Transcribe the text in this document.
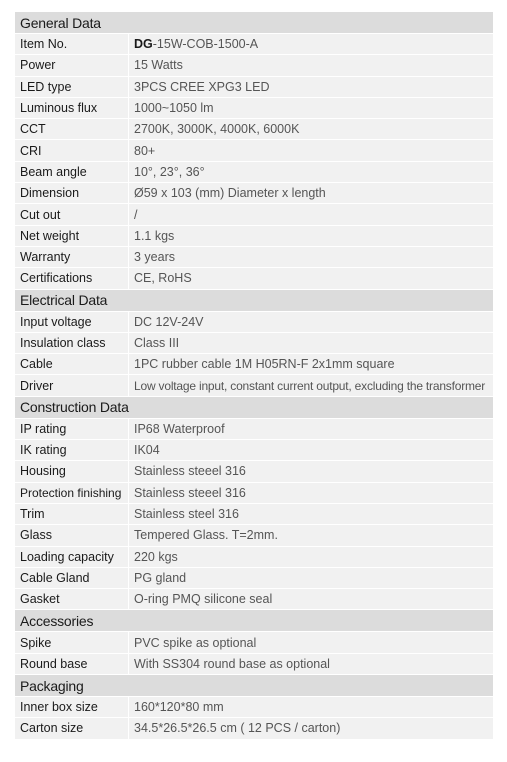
General Data
Item No.	DG-15W-COB-1500-A
Power	15 Watts
LED type	3PCS CREE XPG3 LED
Luminous flux	1000~1050 lm
CCT	2700K, 3000K, 4000K, 6000K
CRI	80+
Beam angle	10°, 23°, 36°
Dimension	Ø59 x 103 (mm) Diameter x length
Cut out	/
Net weight	1.1 kgs
Warranty	3 years
Certifications	CE, RoHS
Electrical Data
Input voltage	DC 12V-24V
Insulation class	Class III
Cable	1PC rubber cable 1M H05RN-F 2x1mm square
Driver	Low voltage input, constant current output, excluding the transformer
Construction Data
IP rating	IP68 Waterproof
IK rating	IK04
Housing	Stainless steeel 316
Protection finishing	Stainless steeel 316
Trim	Stainless steel 316
Glass	Tempered Glass. T=2mm.
Loading capacity	220 kgs
Cable Gland	PG gland
Gasket	O-ring PMQ silicone seal
Accessories
Spike	PVC spike as optional
Round base	With SS304 round base as optional
Packaging
Inner box size	160*120*80 mm
Carton size	34.5*26.5*26.5 cm ( 12 PCS / carton)
